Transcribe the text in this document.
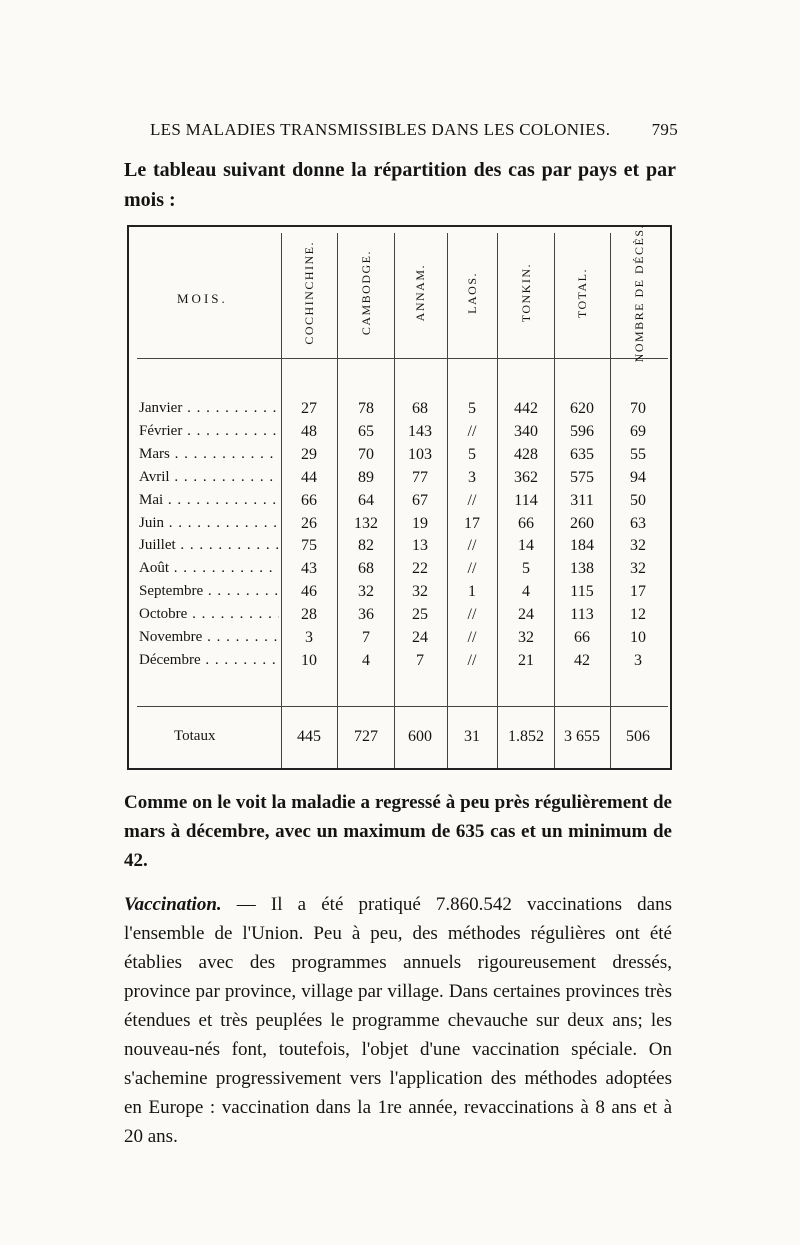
LES MALADIES TRANSMISSIBLES DANS LES COLONIES. 795
Le tableau suivant donne la répartition des cas par pays et par mois :
MOIS.	COCHINCHINE.	CAMBODGE.	ANNAM.	LAOS.	TONKIN.	TOTAL.	NOMBRE DE DÉCÈS.
Janvier . . .	27	78	68	5	442	620	70
Février . . .	48	65	143	//	340	596	69
Mars . . .	29	70	103	5	428	635	55
Avril . . .	44	89	77	3	362	575	94
Mai . . .	66	64	67	//	114	311	50
Juin . . .	26	132	19	17	66	260	63
Juillet . . .	75	82	13	//	14	184	32
Août . . .	43	68	22	//	5	138	32
Septembre . . .	46	32	32	1	4	115	17
Octobre . . .	28	36	25	//	24	113	12
Novembre . . .	3	7	24	//	32	66	10
Décembre . . .	10	4	7	//	21	42	3
Totaux	445	727	600	31	1.852	3 655	506
Comme on le voit la maladie a regressé à peu près régulièrement de mars à décembre, avec un maximum de 635 cas et un minimum de 42.
Vaccination. — Il a été pratiqué 7.860.542 vaccinations dans l'ensemble de l'Union. Peu à peu, des méthodes régulières ont été établies avec des programmes annuels rigoureusement dressés, province par province, village par village. Dans certaines provinces très étendues et très peuplées le programme chevauche sur deux ans; les nouveau-nés font, toutefois, l'objet d'une vaccination spéciale. On s'achemine progressivement vers l'application des méthodes adoptées en Europe : vaccination dans la 1re année, revaccinations à 8 ans et à 20 ans.
